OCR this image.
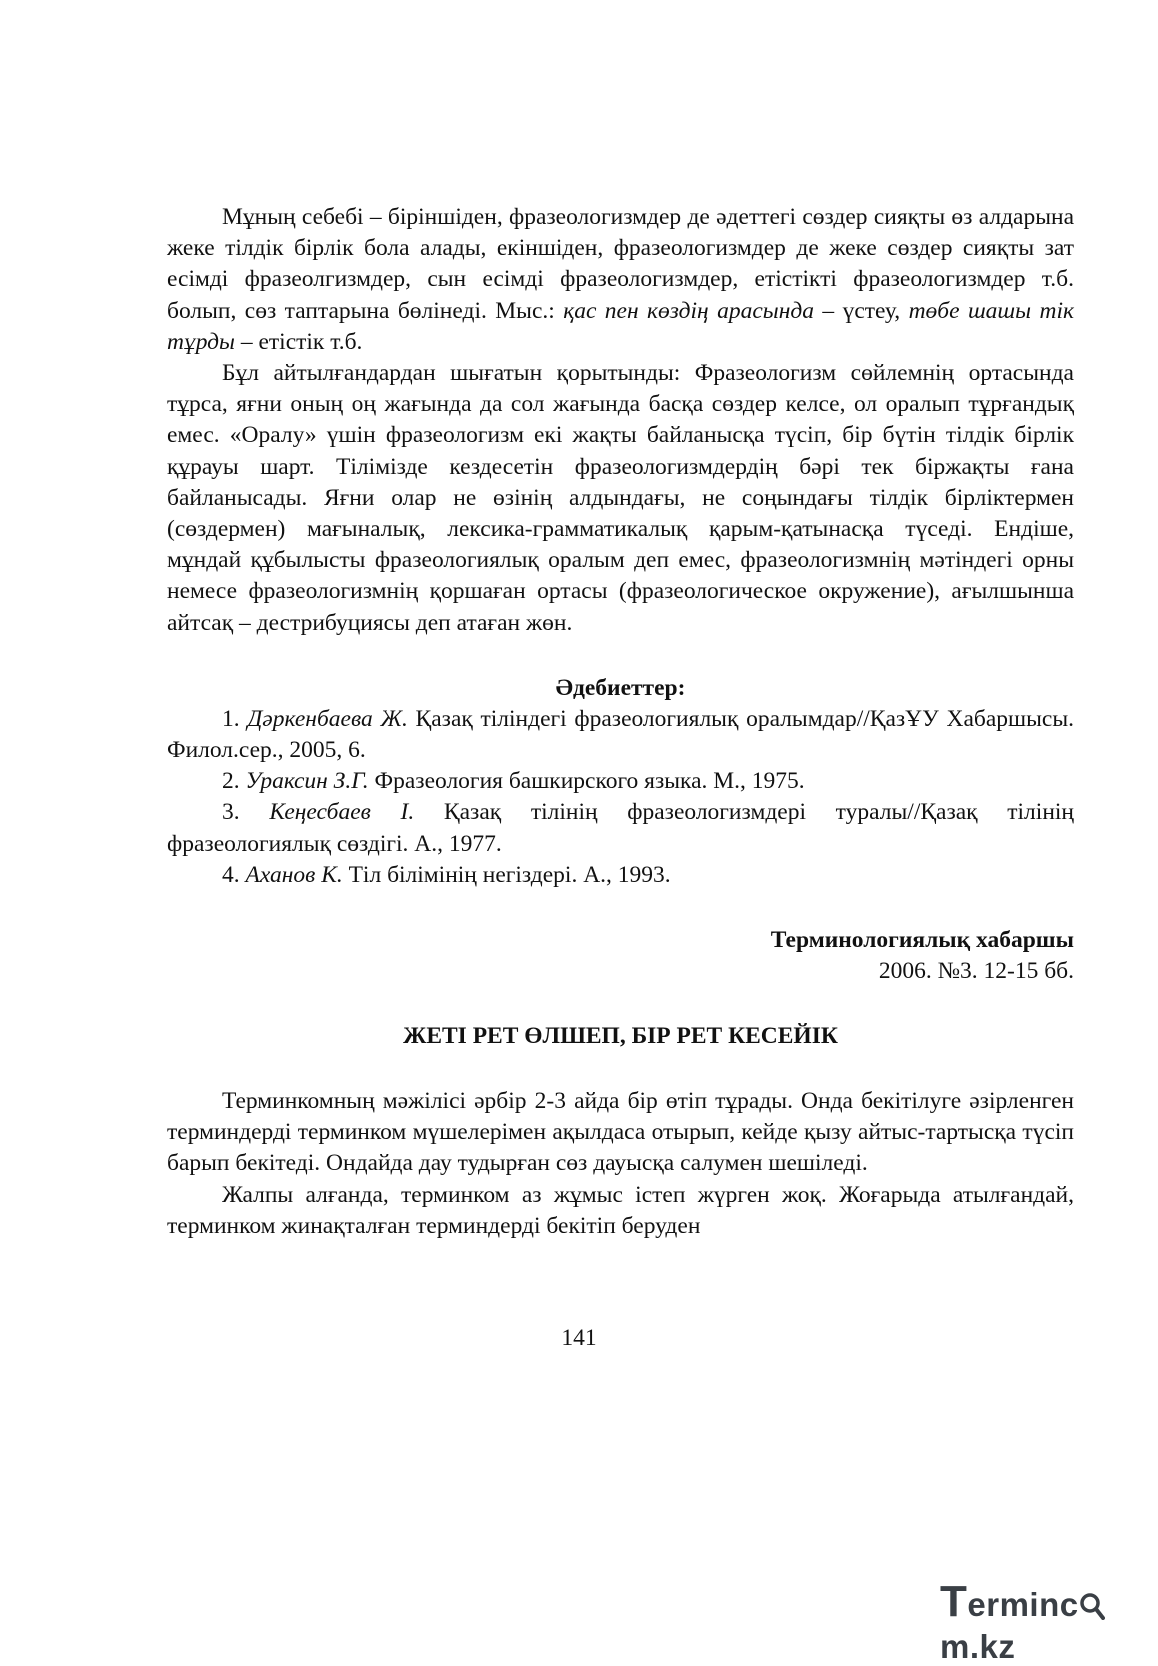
Мұның себебі – біріншіден, фразеологизмдер де әдеттегі сөздер сияқты өз алдарына жеке тілдік бірлік бола алады, екіншіден, фразеологизмдер де жеке сөздер сияқты зат есімді фразеолгизмдер, сын есімді фразеологизмдер, етістікті фразеологизмдер т.б. болып, сөз таптарына бөлінеді. Мыс.: қас пен көздің арасында – үстеу, төбе шашы тік тұрды – етістік т.б.

Бұл айтылғандардан шығатын қорытынды: Фразеологизм сөйлемнің ортасында тұрса, яғни оның оң жағында да сол жағында басқа сөздер келсе, ол оралып тұрғандық емес. «Оралу» үшін фразеологизм екі жақты байланысқа түсіп, бір бүтін тілдік бірлік құрауы шарт. Тілімізде кездесетін фразеологизмдердің бәрі тек біржақты ғана байланысады. Яғни олар не өзінің алдындағы, не соңындағы тілдік бірліктермен (сөздермен) мағыналық, лексика-грамматикалық қарым-қатынасқа түседі. Ендіше, мұндай құбылысты фразеологиялық оралым деп емес, фразеологизмнің мәтіндегі орны немесе фразеологизмнің қоршаған ортасы (фразеологическое окружение), ағылшынша айтсақ – дестрибуциясы деп атаған жөн.

Әдебиеттер:

1. Дәркенбаева Ж. Қазақ тіліндегі фразеологиялық оралымдар//ҚазҰУ Хабаршысы. Филол.сер., 2005, 6.

2. Ураксин З.Г. Фразеология башкирского языка. М., 1975.

3. Кеңесбаев І. Қазақ тілінің фразеологизмдері туралы//Қазақ тілінің фразеологиялық сөздігі. А., 1977.

4. Аханов К. Тіл білімінің негіздері. А., 1993.

Терминологиялық хабаршы
2006. №3. 12-15 бб.
ЖЕТІ РЕТ ӨЛШЕП, БІР РЕТ КЕСЕЙІК

Терминкомның мәжілісі әрбір 2-3 айда бір өтіп тұрады. Онда бекітілуге әзірленген терминдерді терминком мүшелерімен ақылдаса отырып, кейде қызу айтыс-тартысқа түсіп барып бекітеді. Ондайда дау тудырған сөз дауысқа салумен шешіледі.

Жалпы алғанда, терминком аз жұмыс істеп жүрген жоқ. Жоғарыда атылғандай, терминком жинақталған терминдерді бекітіп беруден

141
Termincm.kz
